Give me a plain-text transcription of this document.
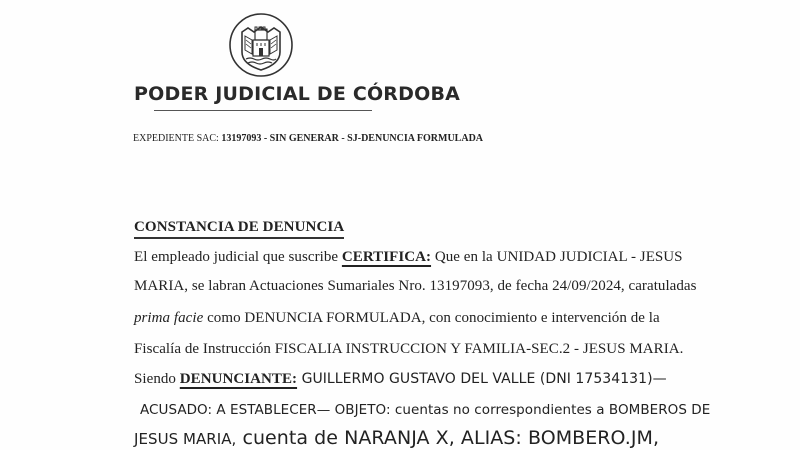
PODER JUDICIAL DE CÓRDOBA
EXPEDIENTE SAC: 13197093 - SIN GENERAR - SJ-DENUNCIA FORMULADA
CONSTANCIA DE DENUNCIA
El empleado judicial que suscribe CERTIFICA: Que en la UNIDAD JUDICIAL - JESUS
MARIA, se labran Actuaciones Sumariales Nro. 13197093, de fecha 24/09/2024, caratuladas
prima facie como DENUNCIA FORMULADA, con conocimiento e intervención de la
Fiscalía de Instrucción FISCALIA INSTRUCCION Y FAMILIA-SEC.2 - JESUS MARIA.
Siendo DENUNCIANTE: GUILLERMO GUSTAVO DEL VALLE (DNI 17534131)—
ACUSADO: A ESTABLECER— OBJETO: cuentas no correspondientes a BOMBEROS DE
JESUS MARIA, cuenta de NARANJA X, ALIAS: BOMBERO.JM,
